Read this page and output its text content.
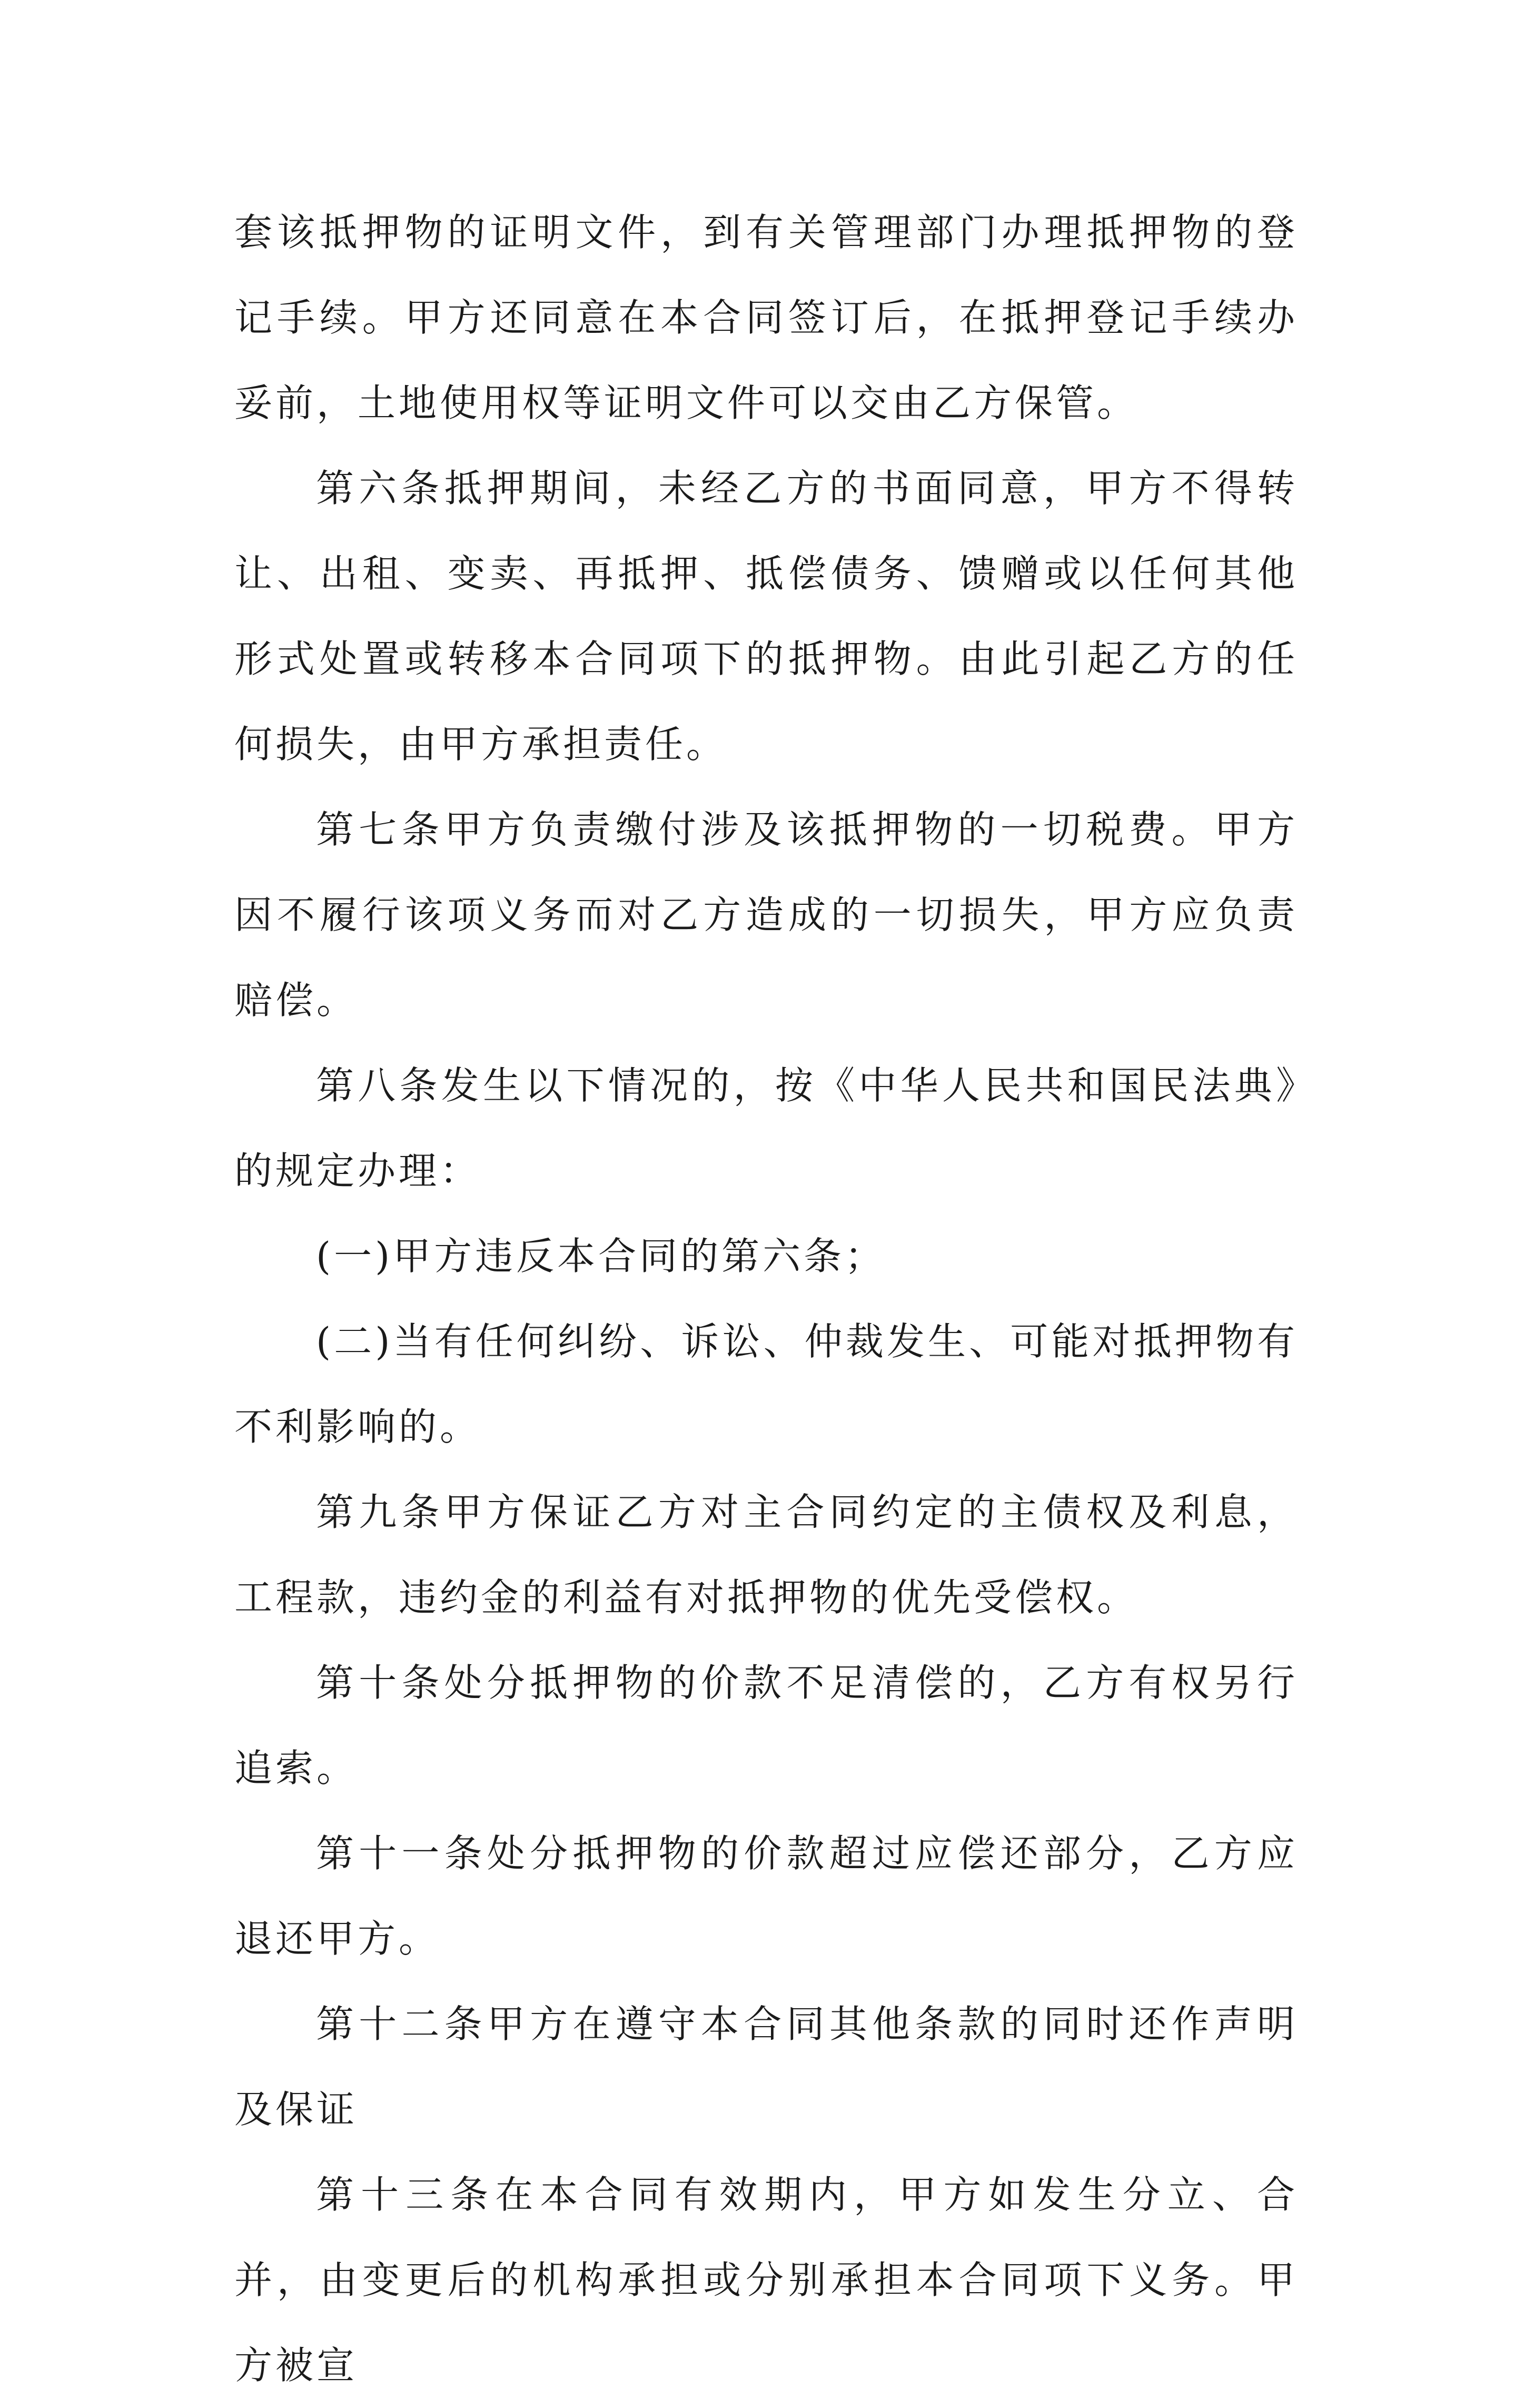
套该抵押物的证明文件，到有关管理部门办理抵押物的登记手续。甲方还同意在本合同签订后，在抵押登记手续办妥前，土地使用权等证明文件可以交由乙方保管。

第六条抵押期间，未经乙方的书面同意，甲方不得转让、出租、变卖、再抵押、抵偿债务、馈赠或以任何其他形式处置或转移本合同项下的抵押物。由此引起乙方的任何损失，由甲方承担责任。

第七条甲方负责缴付涉及该抵押物的一切税费。甲方因不履行该项义务而对乙方造成的一切损失，甲方应负责赔偿。

第八条发生以下情况的，按《中华人民共和国民法典》的规定办理：

(一)甲方违反本合同的第六条；

(二)当有任何纠纷、诉讼、仲裁发生、可能对抵押物有不利影响的。

第九条甲方保证乙方对主合同约定的主债权及利息，工程款，违约金的利益有对抵押物的优先受偿权。

第十条处分抵押物的价款不足清偿的，乙方有权另行追索。

第十一条处分抵押物的价款超过应偿还部分，乙方应退还甲方。

第十二条甲方在遵守本合同其他条款的同时还作声明及保证

第十三条在本合同有效期内，甲方如发生分立、合并，由变更后的机构承担或分别承担本合同项下义务。甲方被宣
